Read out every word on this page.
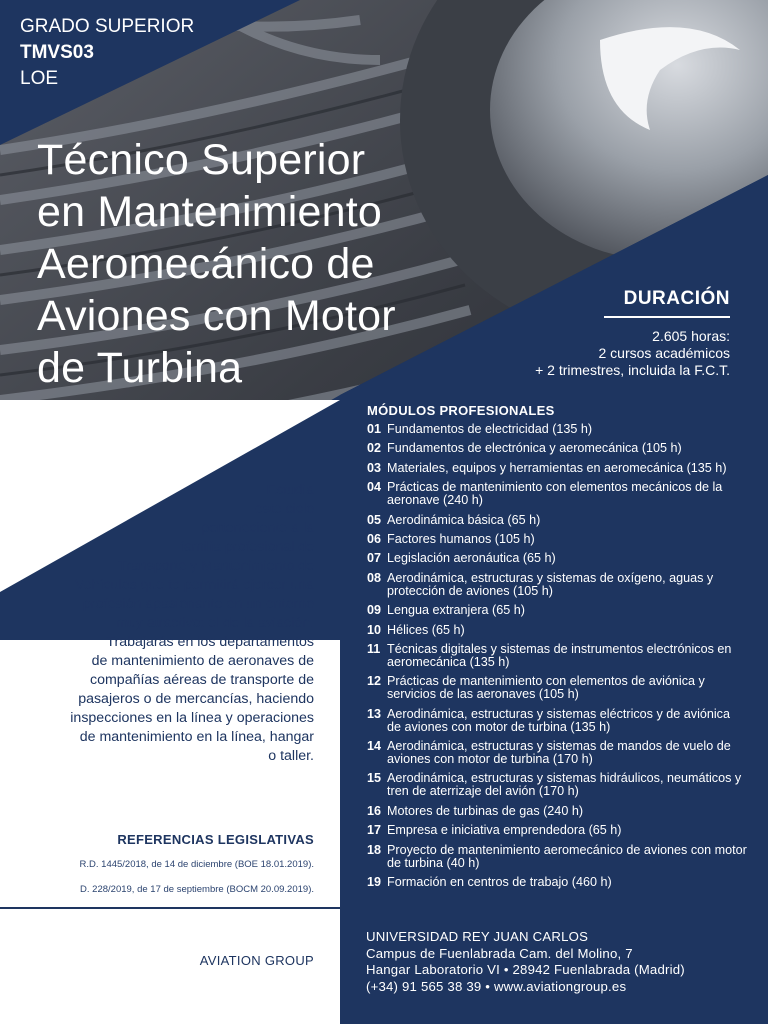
GRADO SUPERIOR
TMVS03
LOE
Técnico Superior
en Mantenimiento
Aeromecánico de
Aviones con Motor
de Turbina
DURACIÓN
2.605 horas:
2 cursos académicos
+ 2 trimestres, incluida la F.C.T.
GA
AVIATIONGROUP
BORNTOFLY	Estudia
este ciclo
perteneciente a la
familia profesional de
Transporte y Mantenimiento de
Vehículos que te permitirá ejercer una
profesión apasionante en un entorno
muy atractivo: el de la aviación.
Trabajarás en los departamentos
de mantenimiento de aeronaves de
compañías aéreas de transporte de
pasajeros o de mercancías, haciendo
inspecciones en la línea y operaciones
de mantenimiento en la línea, hangar
o taller.
MÓDULOS PROFESIONALES
01 Fundamentos de electricidad (135 h)
02 Fundamentos de electrónica y aeromecánica (105 h)
03 Materiales, equipos y herramientas en aeromecánica (135 h)
04 Prácticas de mantenimiento con elementos mecánicos de la aeronave (240 h)
05 Aerodinámica básica (65 h)
06 Factores humanos (105 h)
07 Legislación aeronáutica (65 h)
08 Aerodinámica, estructuras y sistemas de oxígeno, aguas y protección de aviones (105 h)
09 Lengua extranjera (65 h)
10 Hélices (65 h)
11 Técnicas digitales y sistemas de instrumentos electrónicos en aeromecánica (135 h)
12 Prácticas de mantenimiento con elementos de aviónica y servicios de las aeronaves (105 h)
13 Aerodinámica, estructuras y sistemas eléctricos y de aviónica de aviones con motor de turbina (135 h)
14 Aerodinámica, estructuras y sistemas de mandos de vuelo de aviones con motor de turbina (170 h)
15 Aerodinámica, estructuras y sistemas hidráulicos, neumáticos y tren de aterrizaje del avión (170 h)
16 Motores de turbinas de gas (240 h)
17 Empresa e iniciativa emprendedora (65 h)
18 Proyecto de mantenimiento aeromecánico de aviones con motor de turbina (40 h)
19 Formación en centros de trabajo (460 h)
REFERENCIAS LEGISLATIVAS
R.D. 1445/2018, de 14 de diciembre (BOE 18.01.2019).
D. 228/2019, de 17 de septiembre (BOCM 20.09.2019).
AVIATION GROUP
UNIVERSIDAD REY JUAN CARLOS
Campus de Fuenlabrada Cam. del Molino, 7
Hangar Laboratorio VI • 28942 Fuenlabrada (Madrid)
(+34) 91 565 38 39 • www.aviationgroup.es
